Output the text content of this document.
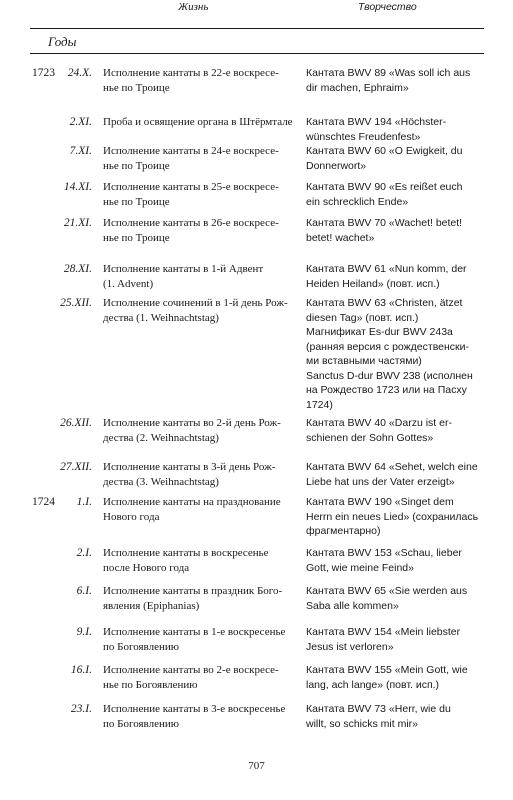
Годы
Жизнь	Творчество
1723 24.X. Исполнение кантаты в 22-е воскресе-
нье по Троице
Кантата BWV 89 «Was soll ich aus
dir machen, Ephraim»
2.XI. Проба и освящение органа в Штёрмтале Кантата BWV 194 «Höchster-
wünschtes Freudenfest»
7.XI. Исполнение кантаты в 24-е воскресе-
нье по Троице
Кантата BWV 60 «O Ewigkeit, du
Donnerwort»
14.XI. Исполнение кантаты в 25-е воскресе-
нье по Троице
Кантата BWV 90 «Es reißet euch
ein schrecklich Ende»
21.XI. Исполнение кантаты в 26-е воскресе-
нье по Троице
Кантата BWV 70 «Wachet! betet!
betet! wachet»
28.XI. Исполнение кантаты в 1-й Адвент
(1. Advent)
Кантата BWV 61 «Nun komm, der
Heiden Heiland» (повт. исп.)
25.XII. Исполнение сочинений в 1-й день Рож-
дества (1. Weihnachtstag)
Кантата BWV 63 «Christen, ätzet
diesen Tag» (повт. исп.)
Магнификат Es-dur BWV 243a
(ранняя версия с рождественски-
ми вставными частями)
Sanctus D-dur BWV 238 (исполнен
на Рождество 1723 или на Пасху
1724)
26.XII. Исполнение кантаты во 2-й день Рож-
дества (2. Weihnachtstag)
Кантата BWV 40 «Darzu ist er-
schienen der Sohn Gottes»
27.XII. Исполнение кантаты в 3-й день Рож-
дества (3. Weihnachtstag)
Кантата BWV 64 «Sehet, welch eine
Liebe hat uns der Vater erzeigt»
1724 1.I. Исполнение кантаты на празднование
Нового года
Кантата BWV 190 «Singet dem
Herrn ein neues Lied» (сохранилась
фрагментарно)
2.I. Исполнение кантаты в воскресенье
после Нового года
Кантата BWV 153 «Schau, lieber
Gott, wie meine Feind»
6.I. Исполнение кантаты в праздник Бого-
явления (Epiphanias)
Кантата BWV 65 «Sie werden aus
Saba alle kommen»
9.I. Исполнение кантаты в 1-е воскресенье
по Богоявлению
Кантата BWV 154 «Mein liebster
Jesus ist verloren»
16.I. Исполнение кантаты во 2-е воскресе-
нье по Богоявлению
Кантата BWV 155 «Mein Gott, wie
lang, ach lange» (повт. исп.)
23.I. Исполнение кантаты в 3-е воскресенье
по Богоявлению
Кантата BWV 73 «Herr, wie du
willt, so schicks mit mir»
707
